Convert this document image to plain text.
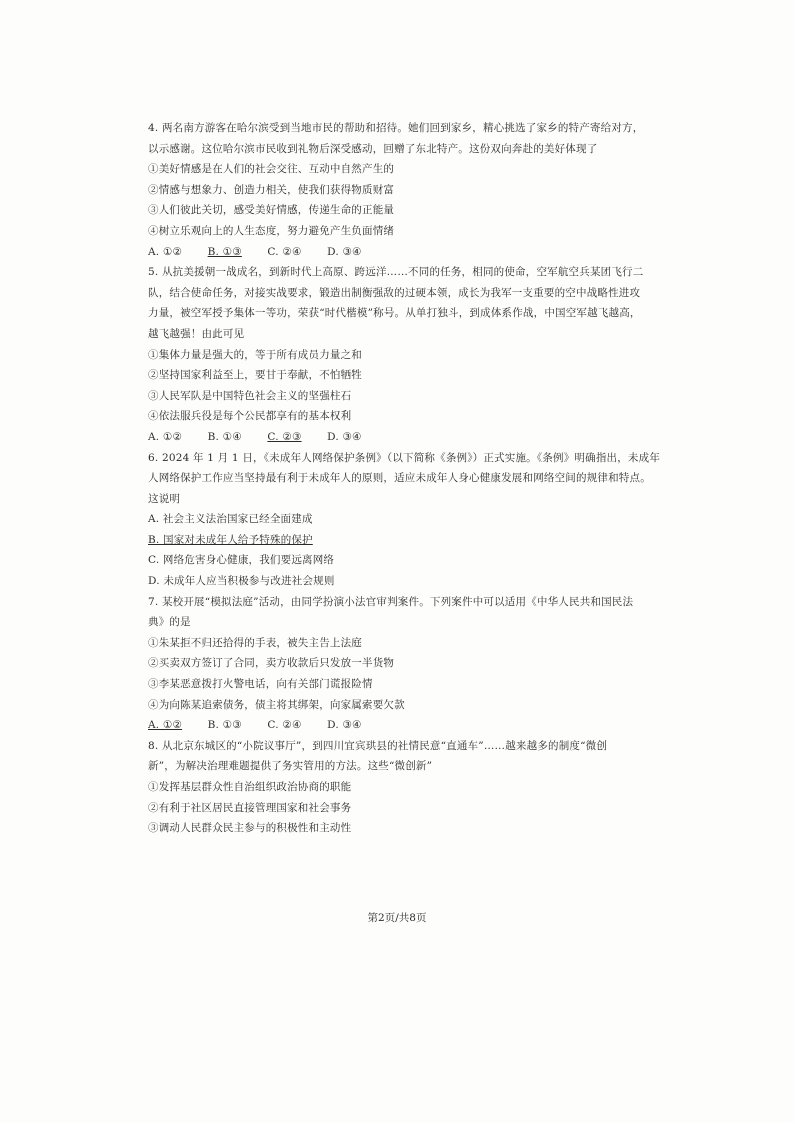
4. 两名南方游客在哈尔滨受到当地市民的帮助和招待。她们回到家乡，精心挑选了家乡的特产寄给对方，
以示感谢。这位哈尔滨市民收到礼物后深受感动，回赠了东北特产。这份双向奔赴的美好体现了
①美好情感是在人们的社会交往、互动中自然产生的
②情感与想象力、创造力相关，使我们获得物质财富
③人们彼此关切，感受美好情感，传递生命的正能量
④树立乐观向上的人生态度，努力避免产生负面情绪
A. ①② B. ①③ C. ②④ D. ③④
5. 从抗美援朝一战成名，到新时代上高原、跨远洋……不同的任务，相同的使命，空军航空兵某团飞行二
队，结合使命任务，对接实战要求，锻造出制衡强敌的过硬本领，成长为我军一支重要的空中战略性进攻
力量，被空军授予集体一等功，荣获“时代楷模”称号。从单打独斗，到成体系作战，中国空军越飞越高，
越飞越强！由此可见
①集体力量是强大的，等于所有成员力量之和
②坚持国家利益至上，要甘于奉献，不怕牺牲
③人民军队是中国特色社会主义的坚强柱石
④依法服兵役是每个公民都享有的基本权利
A. ①② B. ①④ C. ②③ D. ③④
6. 2024 年 1 月 1 日，《未成年人网络保护条例》（以下简称《条例》）正式实施。《条例》明确指出，未成年
人网络保护工作应当坚持最有利于未成年人的原则，适应未成年人身心健康发展和网络空间的规律和特点。
这说明
A. 社会主义法治国家已经全面建成
B. 国家对未成年人给予特殊的保护
C. 网络危害身心健康，我们要远离网络
D. 未成年人应当积极参与改进社会规则
7. 某校开展“模拟法庭”活动，由同学扮演小法官审判案件。下列案件中可以适用《中华人民共和国民法
典》的是
①朱某拒不归还拾得的手表，被失主告上法庭
②买卖双方签订了合同，卖方收款后只发放一半货物
③李某恶意拨打火警电话，向有关部门谎报险情
④为向陈某追索债务，债主将其绑架，向家属索要欠款
A. ①② B. ①③ C. ②④ D. ③④
8. 从北京东城区的“小院议事厅”，到四川宜宾珙县的社情民意“直通车”……越来越多的制度“微创
新”，为解决治理难题提供了务实管用的方法。这些“微创新”
①发挥基层群众性自治组织政治协商的职能
②有利于社区居民直接管理国家和社会事务
③调动人民群众民主参与的积极性和主动性
第2页/共8页
